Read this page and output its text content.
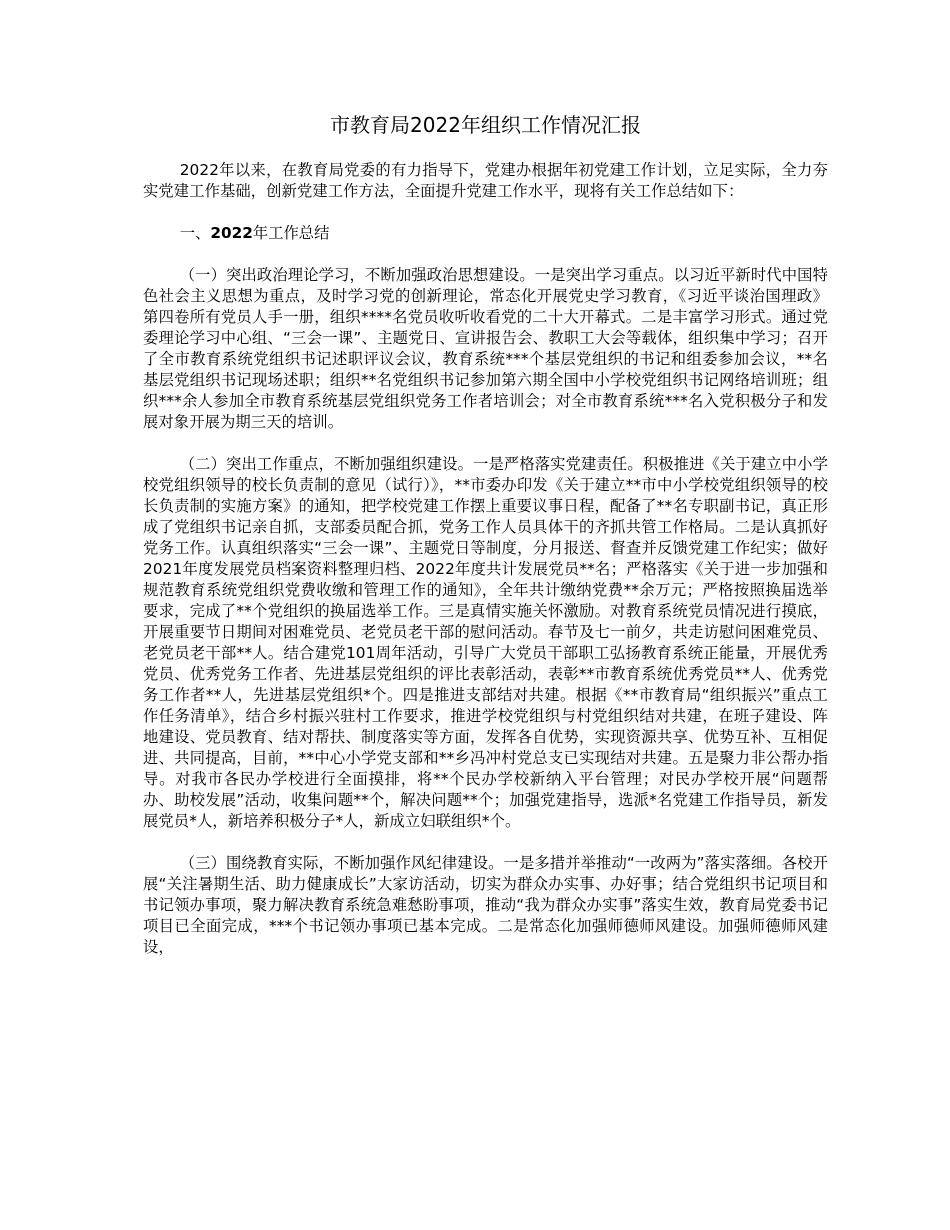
市教育局2022年组织工作情况汇报

2022年以来，在教育局党委的有力指导下，党建办根据年初党建工作计划，立足实际，全力夯实党建工作基础，创新党建工作方法，全面提升党建工作水平，现将有关工作总结如下：

一、2022年工作总结

（一）突出政治理论学习，不断加强政治思想建设。一是突出学习重点。以习近平新时代中国特色社会主义思想为重点，及时学习党的创新理论，常态化开展党史学习教育，《习近平谈治国理政》第四卷所有党员人手一册，组织****名党员收听收看党的二十大开幕式。二是丰富学习形式。通过党委理论学习中心组、“三会一课”、主题党日、宣讲报告会、教职工大会等载体，组织集中学习；召开了全市教育系统党组织书记述职评议会议，教育系统***个基层党组织的书记和组委参加会议，**名基层党组织书记现场述职；组织**名党组织书记参加第六期全国中小学校党组织书记网络培训班；组织***余人参加全市教育系统基层党组织党务工作者培训会；对全市教育系统***名入党积极分子和发展对象开展为期三天的培训。

（二）突出工作重点，不断加强组织建设。一是严格落实党建责任。积极推进《关于建立中小学校党组织领导的校长负责制的意见（试行）》，**市委办印发《关于建立**市中小学校党组织领导的校长负责制的实施方案》的通知，把学校党建工作摆上重要议事日程，配备了**名专职副书记，真正形成了党组织书记亲自抓，支部委员配合抓，党务工作人员具体干的齐抓共管工作格局。二是认真抓好党务工作。认真组织落实“三会一课”、主题党日等制度，分月报送、督查并反馈党建工作纪实；做好2021年度发展党员档案资料整理归档、2022年度共计发展党员**名；严格落实《关于进一步加强和规范教育系统党组织党费收缴和管理工作的通知》，全年共计缴纳党费**余万元；严格按照换届选举要求，完成了**个党组织的换届选举工作。三是真情实施关怀激励。对教育系统党员情况进行摸底，开展重要节日期间对困难党员、老党员老干部的慰问活动。春节及七一前夕，共走访慰问困难党员、老党员老干部**人。结合建党101周年活动，引导广大党员干部职工弘扬教育系统正能量，开展优秀党员、优秀党务工作者、先进基层党组织的评比表彰活动，表彰**市教育系统优秀党员**人、优秀党务工作者**人，先进基层党组织*个。四是推进支部结对共建。根据《**市教育局“组织振兴”重点工作任务清单》，结合乡村振兴驻村工作要求，推进学校党组织与村党组织结对共建，在班子建设、阵地建设、党员教育、结对帮扶、制度落实等方面，发挥各自优势，实现资源共享、优势互补、互相促进、共同提高，目前，**中心小学党支部和**乡冯冲村党总支已实现结对共建。五是聚力非公帮办指导。对我市各民办学校进行全面摸排，将**个民办学校新纳入平台管理；对民办学校开展“问题帮办、助校发展”活动，收集问题**个，解决问题**个；加强党建指导，选派*名党建工作指导员，新发展党员*人，新培养积极分子*人，新成立妇联组织*个。

（三）围绕教育实际，不断加强作风纪律建设。一是多措并举推动“一改两为”落实落细。各校开展“关注暑期生活、助力健康成长”大家访活动，切实为群众办实事、办好事；结合党组织书记项目和书记领办事项，聚力解决教育系统急难愁盼事项，推动“我为群众办实事”落实生效，教育局党委书记项目已全面完成，***个书记领办事项已基本完成。二是常态化加强师德师风建设。加强师德师风建设，
